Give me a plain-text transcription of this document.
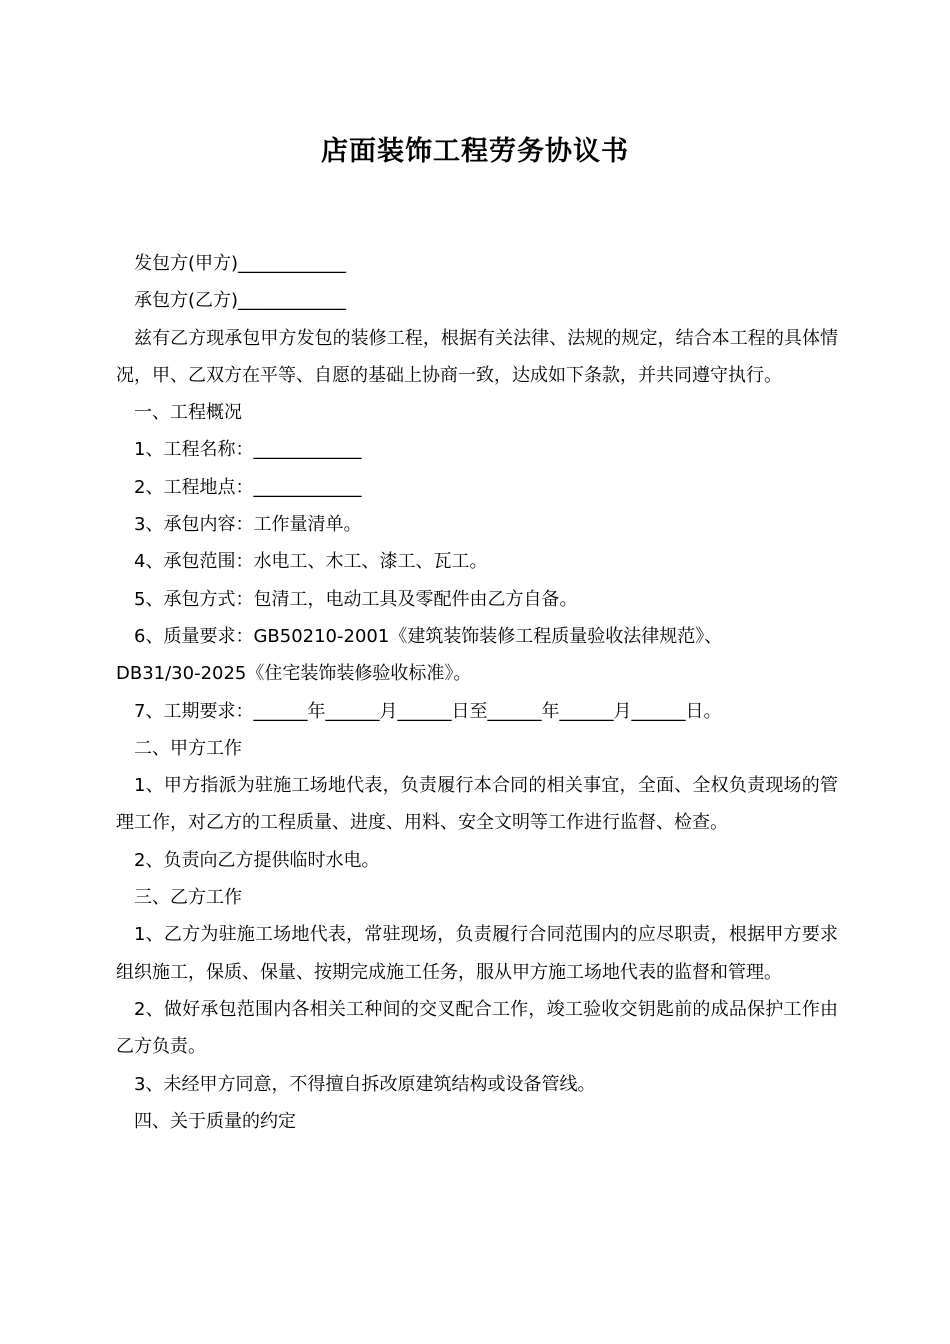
店面装饰工程劳务协议书

发包方(甲方)____________

承包方(乙方)____________

兹有乙方现承包甲方发包的装修工程，根据有关法律、法规的规定，结合本工程的具体情况，甲、乙双方在平等、自愿的基础上协商一致，达成如下条款，并共同遵守执行。

一、工程概况

1、工程名称：____________

2、工程地点：____________

3、承包内容：工作量清单。

4、承包范围：水电工、木工、漆工、瓦工。

5、承包方式：包清工，电动工具及零配件由乙方自备。

6、质量要求：GB50210-2001《建筑装饰装修工程质量验收法律规范》、

DB31/30-2025《住宅装饰装修验收标准》。

7、工期要求：______年______月______日至______年______月______日。

二、甲方工作

1、甲方指派为驻施工场地代表，负责履行本合同的相关事宜，全面、全权负责现场的管理工作，对乙方的工程质量、进度、用料、安全文明等工作进行监督、检查。

2、负责向乙方提供临时水电。

三、乙方工作

1、乙方为驻施工场地代表，常驻现场，负责履行合同范围内的应尽职责，根据甲方要求组织施工，保质、保量、按期完成施工任务，服从甲方施工场地代表的监督和管理。

2、做好承包范围内各相关工种间的交叉配合工作，竣工验收交钥匙前的成品保护工作由乙方负责。

3、未经甲方同意，不得擅自拆改原建筑结构或设备管线。

四、关于质量的约定
